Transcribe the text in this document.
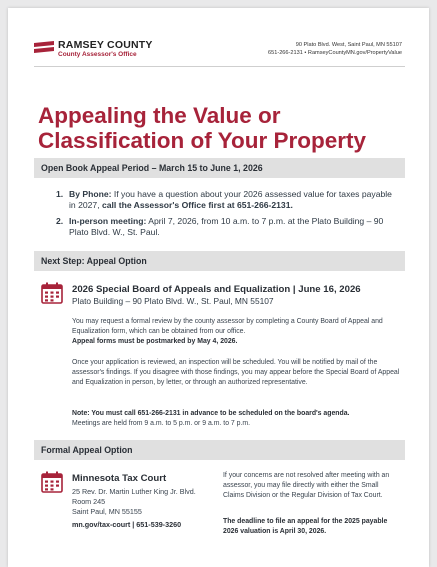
RAMSEY COUNTY
County Assessor's Office
90 Plato Blvd. West, Saint Paul, MN 55107
651-266-2131 • RamseyCountyMN.gov/PropertyValue
Appealing the Value or
Classification of Your Property
Open Book Appeal Period – March 15 to June 1, 2026
1. By Phone: If you have a question about your 2026 assessed value for taxes payable in 2027, call the Assessor's Office first at 651-266-2131.
2. In-person meeting: April 7, 2026, from 10 a.m. to 7 p.m. at the Plato Building – 90 Plato Blvd. W., St. Paul.
Next Step: Appeal Option
2026 Special Board of Appeals and Equalization | June 16, 2026
Plato Building – 90 Plato Blvd. W., St. Paul, MN 55107
You may request a formal review by the county assessor by completing a County Board of Appeal and Equalization form, which can be obtained from our office.
Appeal forms must be postmarked by May 4, 2026.
Once your application is reviewed, an inspection will be scheduled. You will be notified by mail of the assessor's findings. If you disagree with those findings, you may appear before the Special Board of Appeal and Equalization in person, by letter, or through an authorized representative.
Note: You must call 651-266-2131 in advance to be scheduled on the board's agenda.
Meetings are held from 9 a.m. to 5 p.m. or 9 a.m. to 7 p.m.
Formal Appeal Option
Minnesota Tax Court
25 Rev. Dr. Martin Luther King Jr. Blvd.
Room 245
Saint Paul, MN 55155
mn.gov/tax-court | 651-539-3260
If your concerns are not resolved after meeting with an assessor, you may file directly with either the Small Claims Division or the Regular Division of Tax Court.
The deadline to file an appeal for the 2025 payable 2026 valuation is April 30, 2026.
